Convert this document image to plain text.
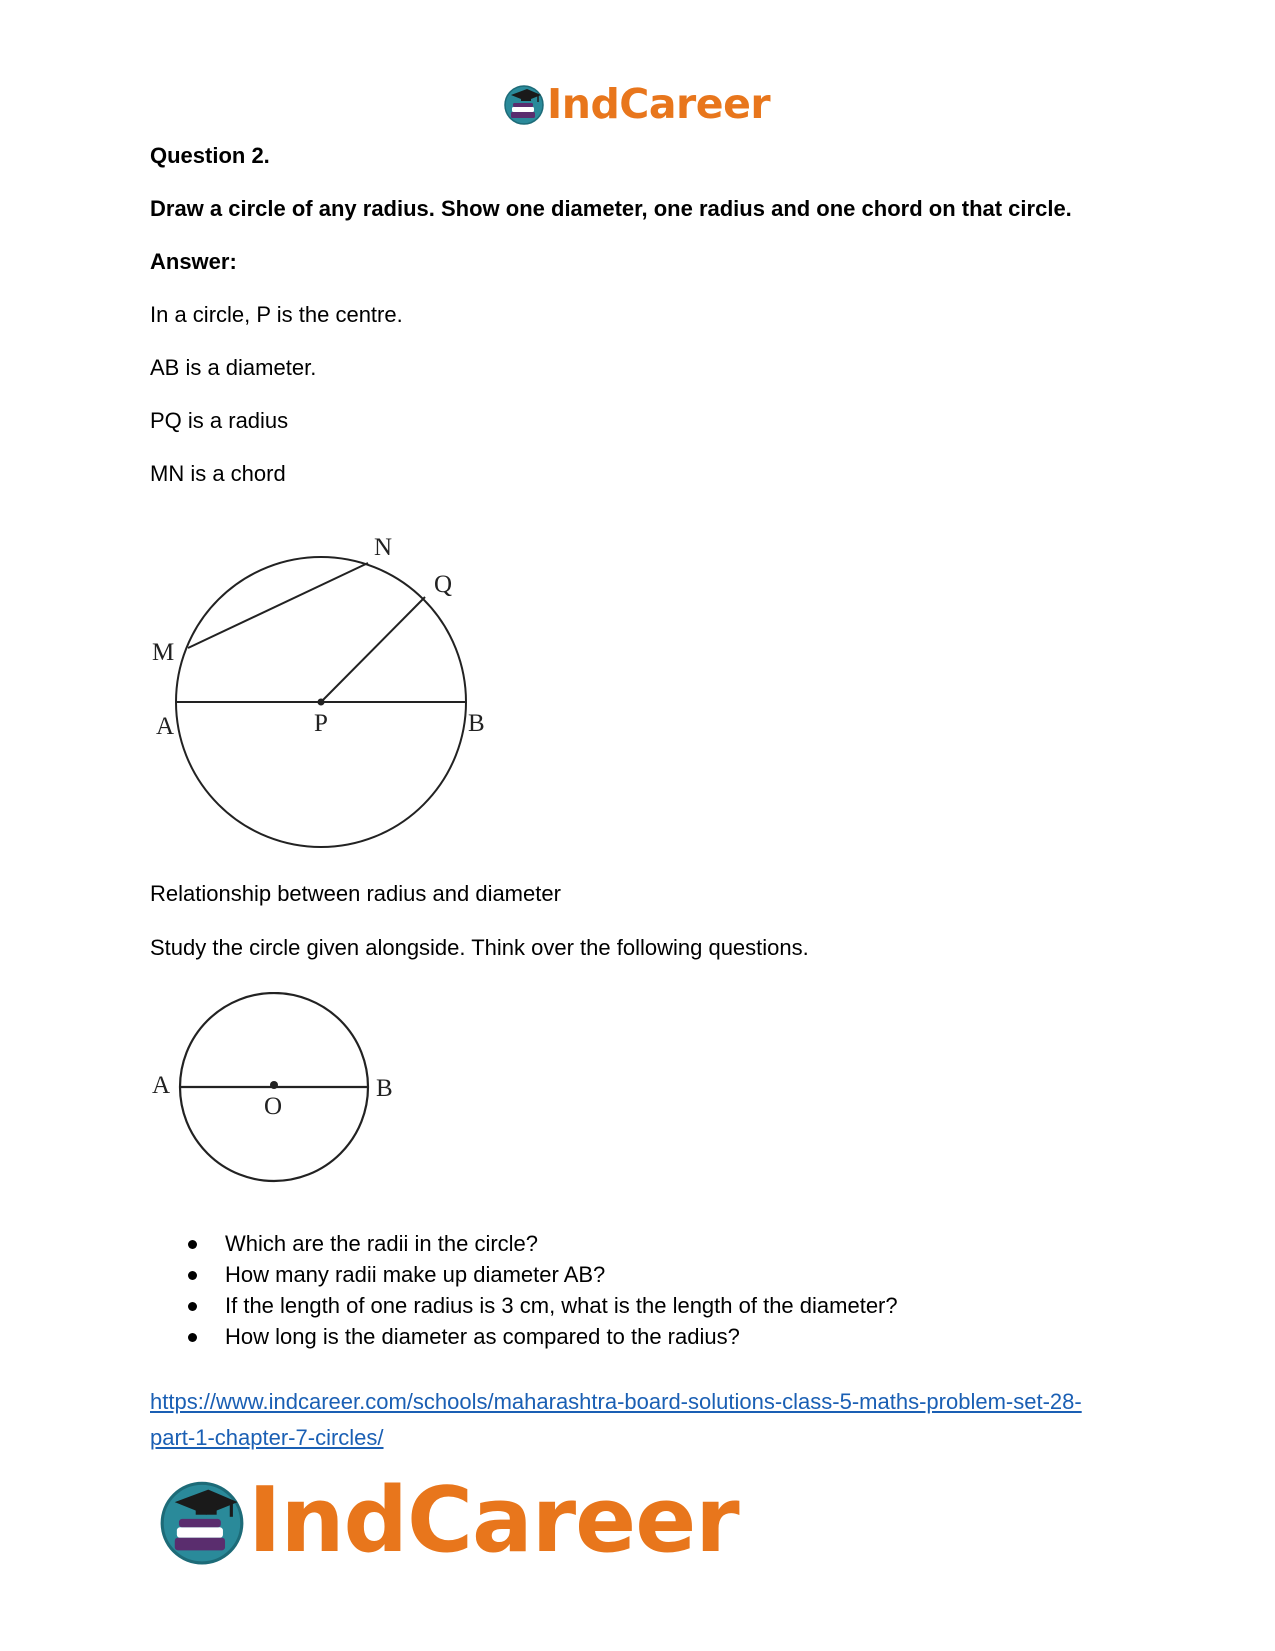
IndCareer
Question 2.
Draw a circle of any radius. Show one diameter, one radius and one chord on that circle.
Answer:
In a circle, P is the centre.
AB is a diameter.
PQ is a radius
MN is a chord
N
Q
M
A	P	B
Relationship between radius and diameter
Study the circle given alongside. Think over the following questions.
A
O
B
Which are the radii in the circle?
How many radii make up diameter AB?
If the length of one radius is 3 cm, what is the length of the diameter?
How long is the diameter as compared to the radius?
https://www.indcareer.com/schools/maharashtra-board-solutions-class-5-maths-problem-set-28-
part-1-chapter-7-circles/
IndCareer
